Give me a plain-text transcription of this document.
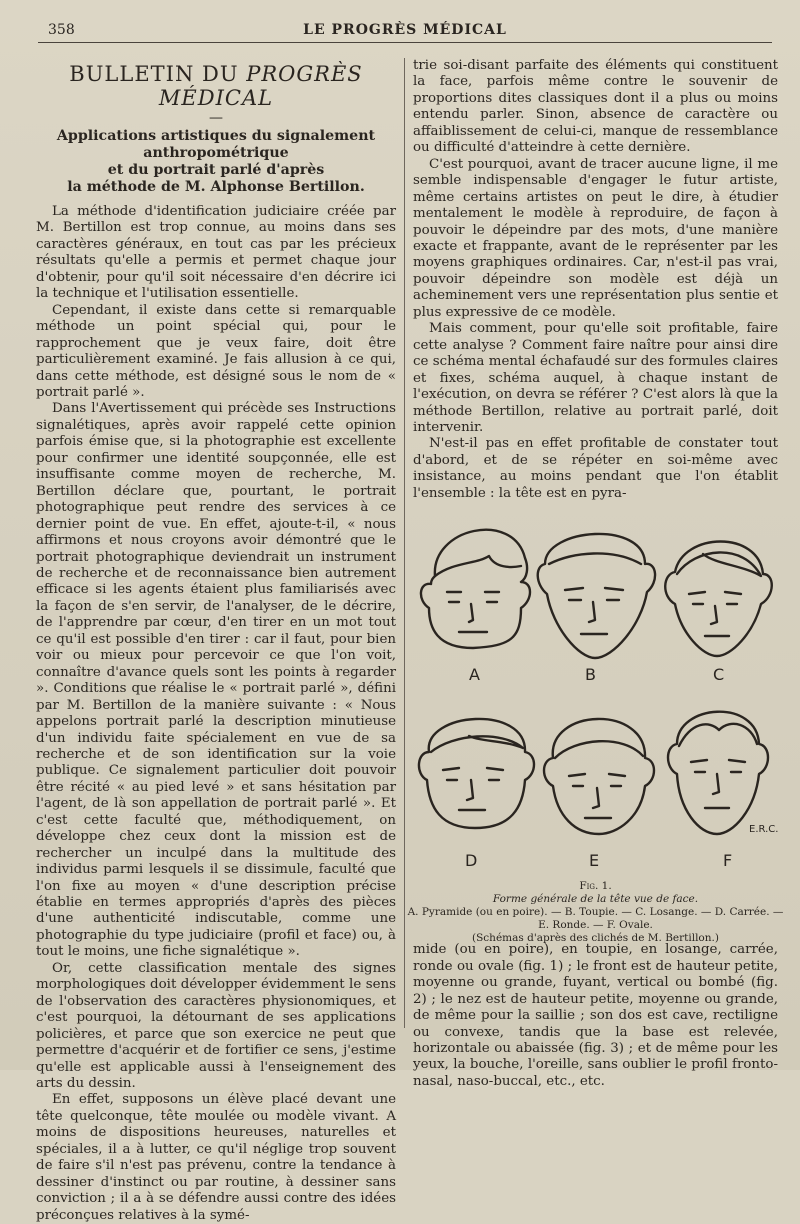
358	LE PROGRÈS MÉDICAL
BULLETIN DU PROGRÈS MÉDICAL
—
Applications artistiques du signalement anthropométrique
et du portrait parlé d'après
la méthode de M. Alphonse Bertillon.

La méthode d'identification judiciaire créée par M. Bertillon est trop connue, au moins dans ses caractères généraux, en tout cas par les précieux résultats qu'elle a permis et permet chaque jour d'obtenir, pour qu'il soit nécessaire d'en décrire ici la technique et l'utilisation essentielle.

Cependant, il existe dans cette si remarquable méthode un point spécial qui, pour le rapprochement que je veux faire, doit être particulièrement examiné. Je fais allusion à ce qui, dans cette méthode, est désigné sous le nom de « portrait parlé ».

Dans l'Avertissement qui précède ses Instructions signalétiques, après avoir rappelé cette opinion parfois émise que, si la photographie est excellente pour confirmer une identité soupçonnée, elle est insuffisante comme moyen de recherche, M. Bertillon déclare que, pourtant, le portrait photographique peut rendre des services à ce dernier point de vue. En effet, ajoute-t-il, « nous affirmons et nous croyons avoir démontré que le portrait photographique deviendrait un instrument de recherche et de reconnaissance bien autrement efficace si les agents étaient plus familiarisés avec la façon de s'en servir, de l'analyser, de le décrire, de l'apprendre par cœur, d'en tirer en un mot tout ce qu'il est possible d'en tirer : car il faut, pour bien voir ou mieux pour percevoir ce que l'on voit, connaître d'avance quels sont les points à regarder ». Conditions que réalise le « portrait parlé », défini par M. Bertillon de la manière suivante : « Nous appelons portrait parlé la description minutieuse d'un individu faite spécialement en vue de sa recherche et de son identification sur la voie publique. Ce signalement particulier doit pouvoir être récité « au pied levé » et sans hésitation par l'agent, de là son appellation de portrait parlé ». Et c'est cette faculté que, méthodiquement, on développe chez ceux dont la mission est de rechercher un inculpé dans la multitude des individus parmi lesquels il se dissimule, faculté que l'on fixe au moyen « d'une description précise établie en termes appropriés d'après des pièces d'une authenticité indiscutable, comme une photographie du type judiciaire (profil et face) ou, à tout le moins, une fiche signalétique ».

Or, cette classification mentale des signes morphologiques doit développer évidemment le sens de l'observation des caractères physionomiques, et c'est pourquoi, la détournant de ses applications policières, et parce que son exercice ne peut que permettre d'acquérir et de fortifier ce sens, j'estime qu'elle est applicable aussi à l'enseignement des arts du dessin.

En effet, supposons un élève placé devant une tête quelconque, tête moulée ou modèle vivant. A moins de dispositions heureuses, naturelles et spéciales, il a à lutter, ce qu'il néglige trop souvent de faire s'il n'est pas prévenu, contre la tendance à dessiner d'instinct ou par routine, à dessiner sans conviction ; il a à se défendre aussi contre des idées préconçues relatives à la symé-

trie soi-disant parfaite des éléments qui constituent la face, parfois même contre le souvenir de proportions dites classiques dont il a plus ou moins entendu parler. Sinon, absence de caractère ou affaiblissement de celui-ci, manque de ressemblance ou difficulté d'atteindre à cette dernière.

C'est pourquoi, avant de tracer aucune ligne, il me semble indispensable d'engager le futur artiste, même certains artistes on peut le dire, à étudier mentalement le modèle à reproduire, de façon à pouvoir le dépeindre par des mots, d'une manière exacte et frappante, avant de le représenter par les moyens graphiques ordinaires. Car, n'est-il pas vrai, pouvoir dépeindre son modèle est déjà un acheminement vers une représentation plus sentie et plus expressive de ce modèle.

Mais comment, pour qu'elle soit profitable, faire cette analyse ? Comment faire naître pour ainsi dire ce schéma mental échafaudé sur des formules claires et fixes, schéma auquel, à chaque instant de l'exécution, on devra se référer ? C'est alors là que la méthode Bertillon, relative au portrait parlé, doit intervenir.

N'est-il pas en effet profitable de constater tout d'abord, et de se répéter en soi-même avec insistance, au moins pendant que l'on établit l'ensemble : la tête est en pyra-

A	B	C
D	E	F
E.R.C.
Fig. 1.
Forme générale de la tête vue de face.
A. Pyramide (ou en poire). — B. Toupie. — C. Losange. — D. Carrée. — E. Ronde. — F. Ovale.
(Schémas d'après des clichés de M. Bertillon.)

mide (ou en poire), en toupie, en losange, carrée, ronde ou ovale (fig. 1) ; le front est de hauteur petite, moyenne ou grande, fuyant, vertical ou bombé (fig. 2) ; le nez est de hauteur petite, moyenne ou grande, de même pour la saillie ; son dos est cave, rectiligne ou convexe, tandis que la base est relevée, horizontale ou abaissée (fig. 3) ; et de même pour les yeux, la bouche, l'oreille, sans oublier le profil fronto-nasal, naso-buccal, etc., etc.
